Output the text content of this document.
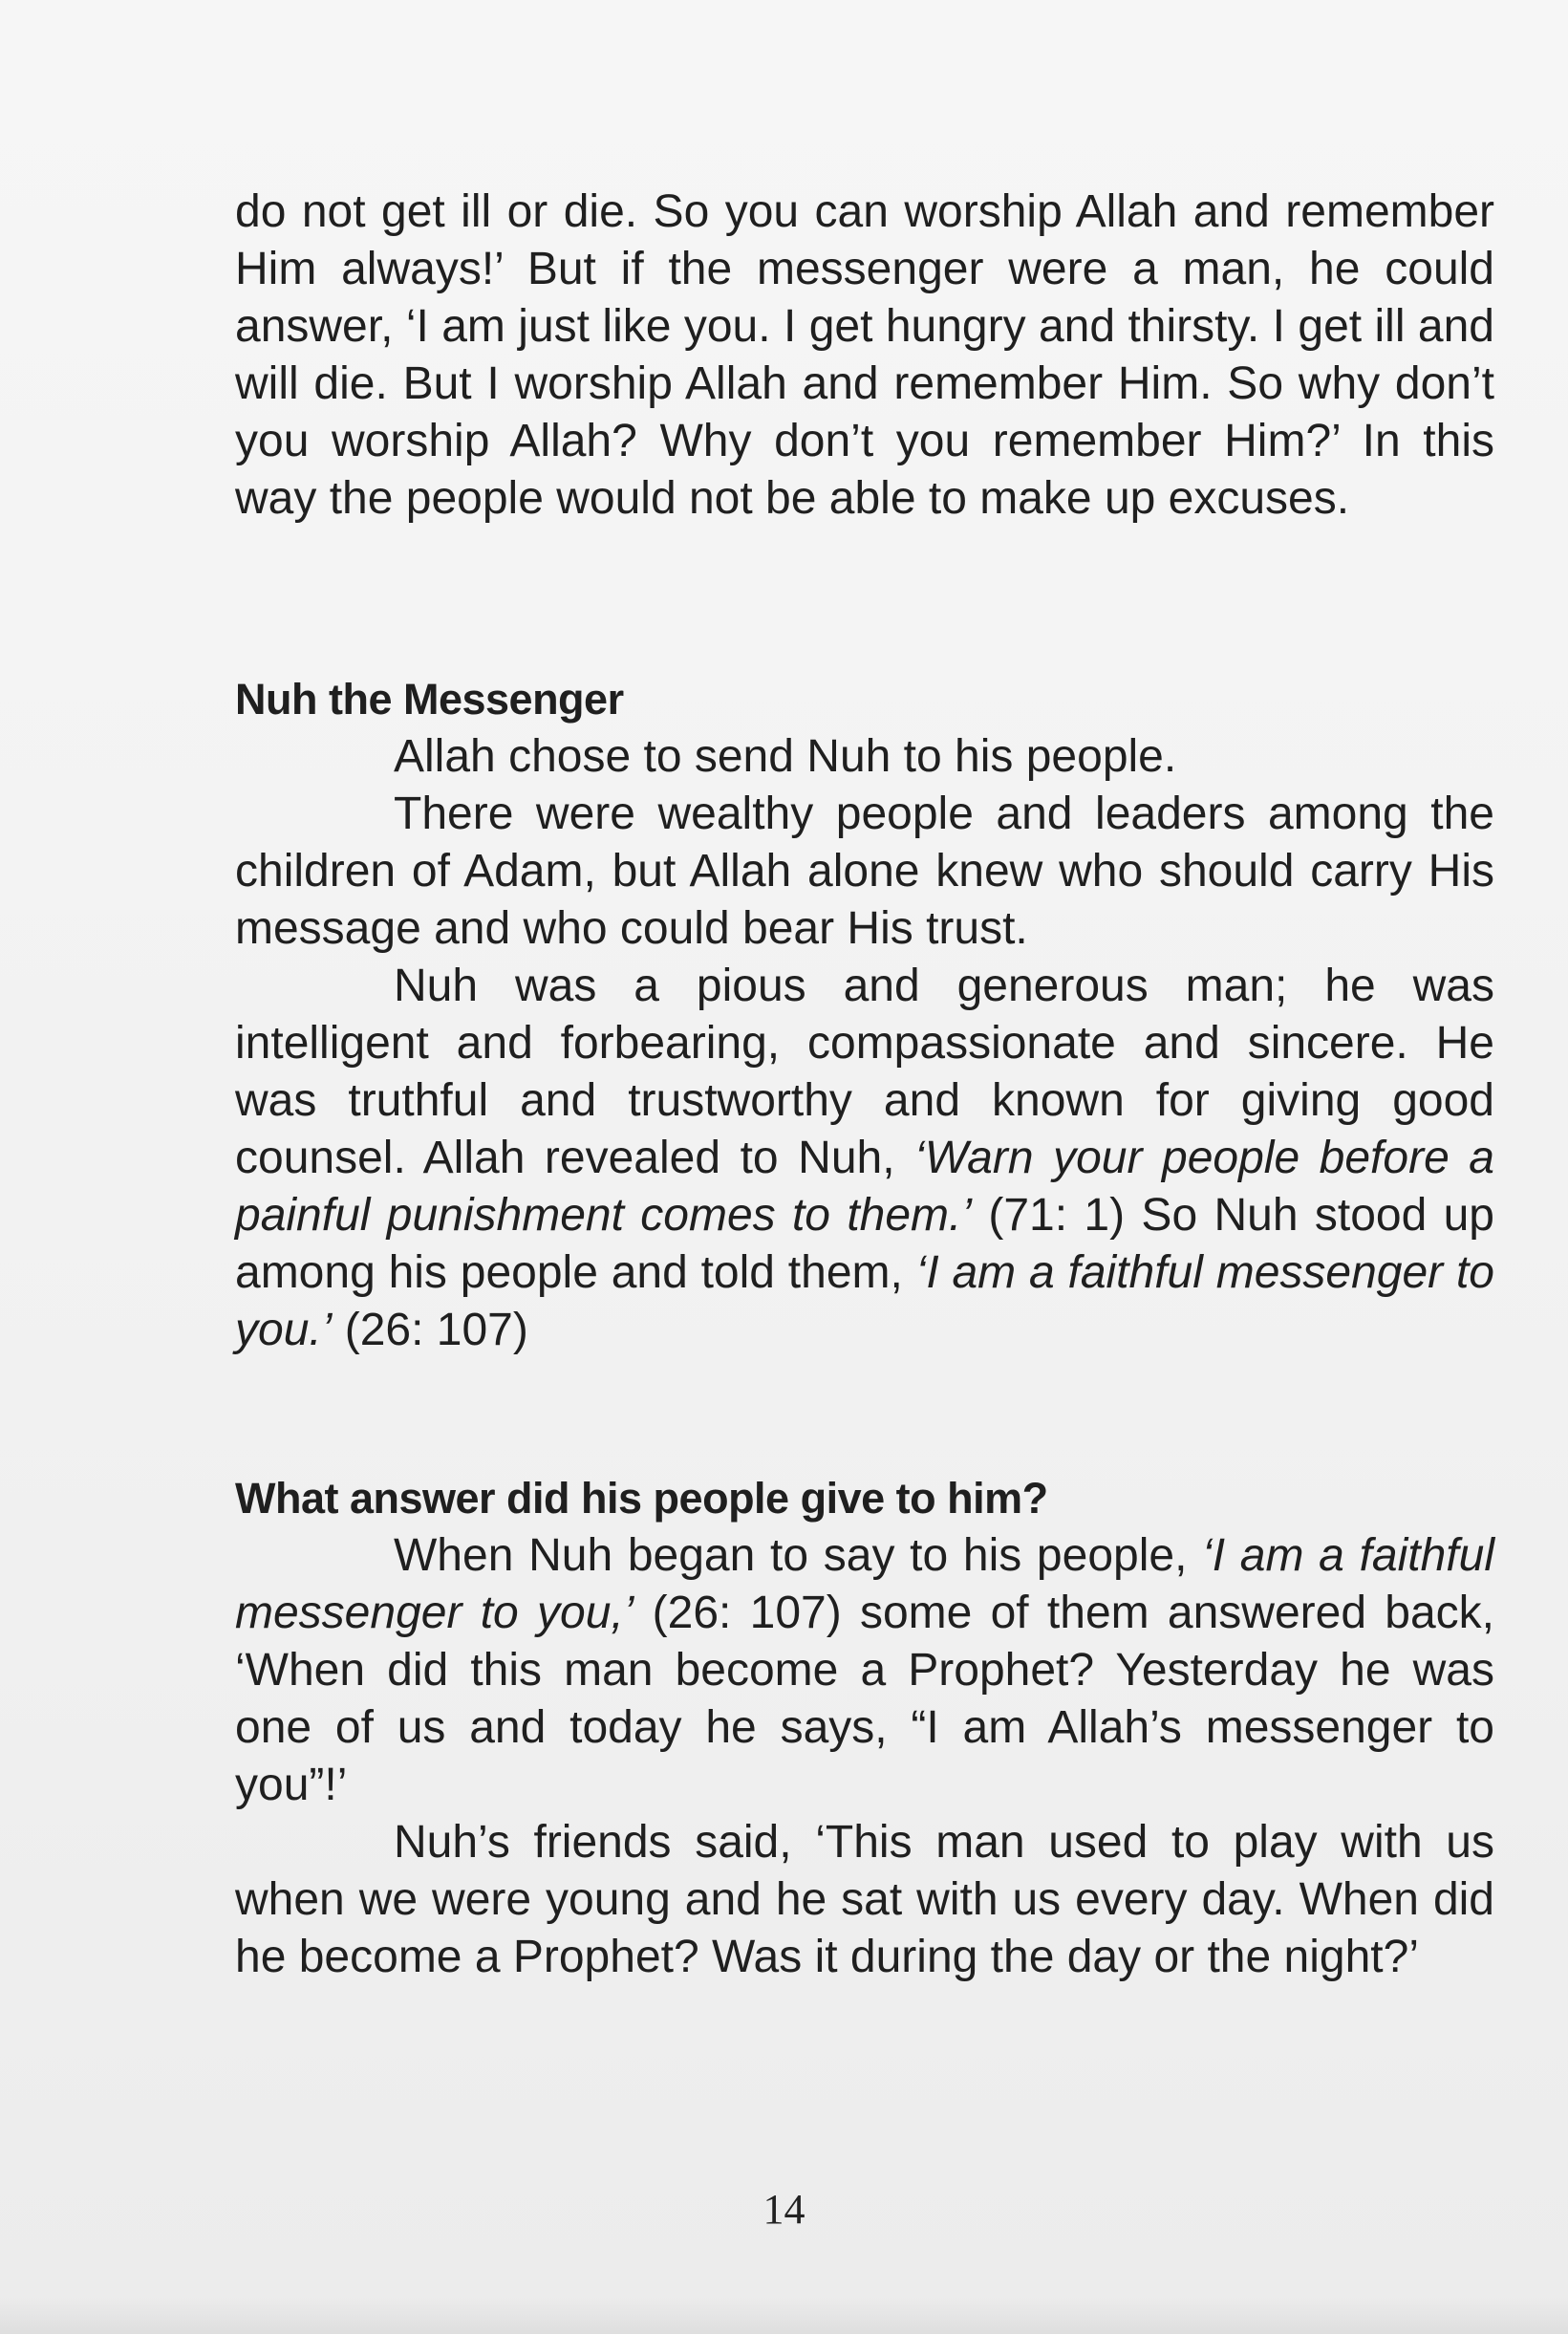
do not get ill or die. So you can worship Allah and remember Him always!’ But if the messenger were a man, he could answer, ‘I am just like you. I get hungry and thirsty. I get ill and will die. But I worship Allah and remember Him. So why don’t you worship Allah? Why don’t you remember Him?’ In this way the people would not be able to make up excuses.

Nuh the Messenger

Allah chose to send Nuh to his people.

There were wealthy people and leaders among the children of Adam, but Allah alone knew who should carry His message and who could bear His trust.

Nuh was a pious and generous man; he was intelligent and forbearing, compassionate and sincere. He was truthful and trustworthy and known for giving good counsel. Allah revealed to Nuh, ‘Warn your people before a painful punishment comes to them.’ (71: 1) So Nuh stood up among his people and told them, ‘I am a faithful messenger to you.’ (26: 107)

What answer did his people give to him?

When Nuh began to say to his people, ‘I am a faithful messenger to you,’ (26: 107) some of them answered back, ‘When did this man become a Prophet? Yesterday he was one of us and today he says, “I am Allah’s messenger to you”!’

Nuh’s friends said, ‘This man used to play with us when we were young and he sat with us every day. When did he become a Prophet? Was it during the day or the night?’

14
